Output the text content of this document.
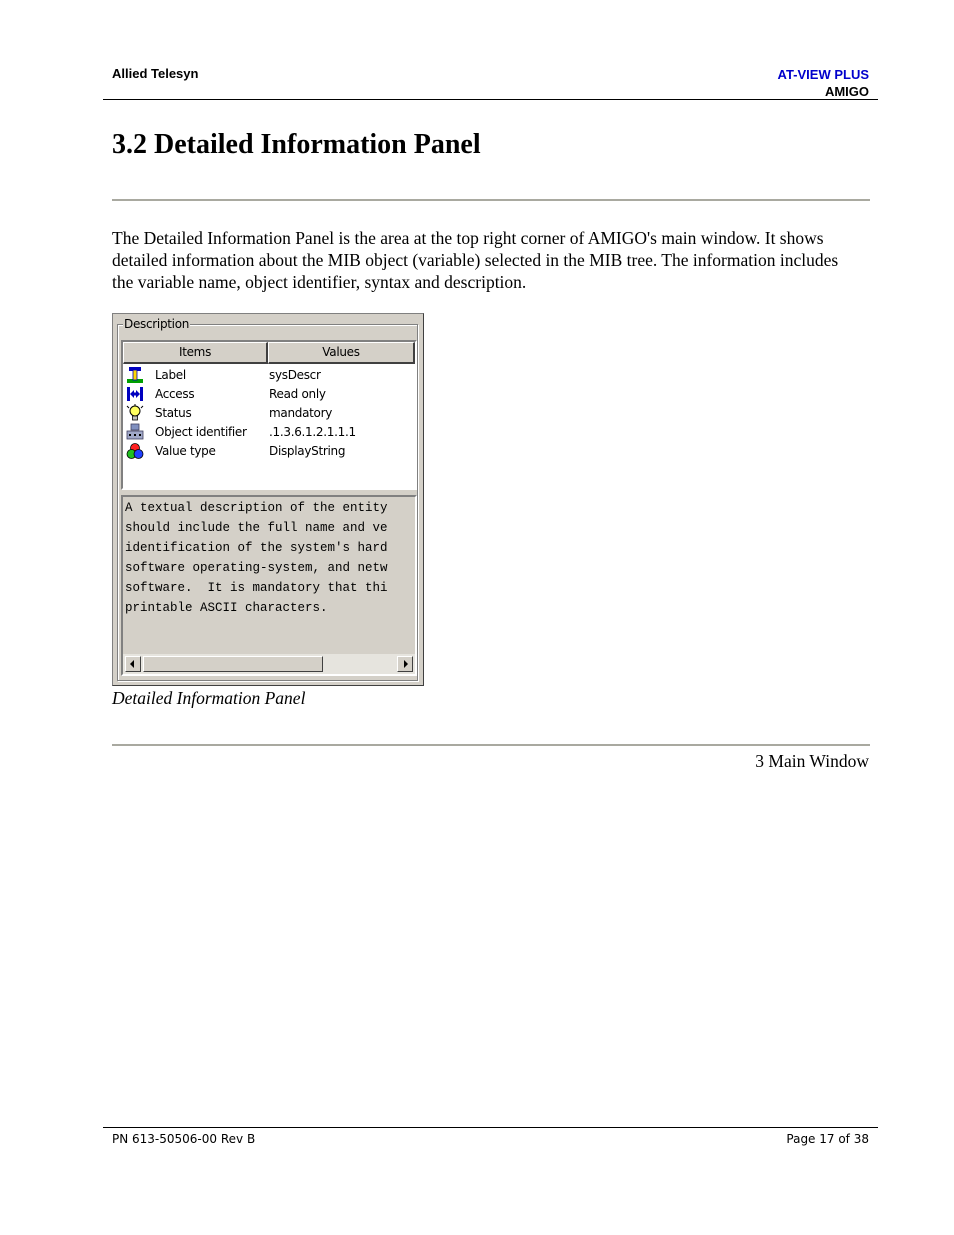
Allied Telesyn	AT-VIEW PLUS
AMIGO
3.2 Detailed Information Panel

The Detailed Information Panel is the area at the top right corner of AMIGO's main window. It shows detailed information about the MIB object (variable) selected in the MIB tree. The information includes the variable name, object identifier, syntax and description.

Description
Items	Values
Label	sysDescr
Access	Read only
Status	mandatory
Object identifier .1.3.6.1.2.1.1.1
Value type	DisplayString
A textual description of the entity
should include the full name and ve
identification of the system's hard
software operating-system, and netw
software.  It is mandatory that thi
printable ASCII characters.
Detailed Information Panel
3 Main Window
PN 613-50506-00 Rev B	Page 17 of 38
